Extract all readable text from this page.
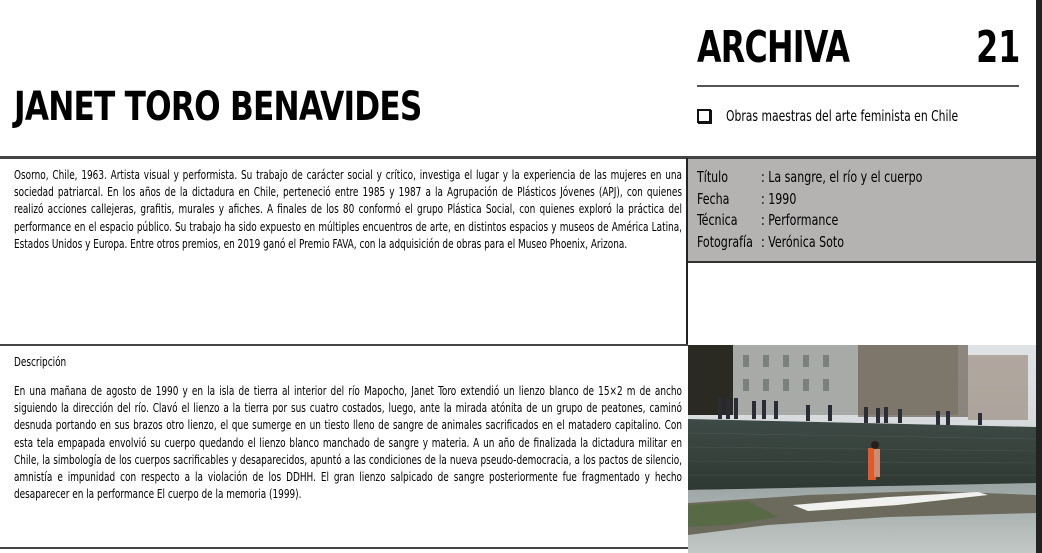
JANET TORO BENAVIDES
ARCHIVA	21
Obras maestras del arte feminista en Chile
Osorno, Chile, 1963. Artista visual y performista. Su trabajo de carácter social y crítico, investiga el lugar y la experiencia de las mujeres en una sociedad patriarcal. En los años de la dictadura en Chile, perteneció entre 1985 y 1987 a la Agrupación de Plásticos Jóvenes (APJ), con quienes realizó acciones callejeras, grafitis, murales y afiches. A finales de los 80 conformó el grupo Plástica Social, con quienes exploró la práctica del performance en el espacio público. Su trabajo ha sido expuesto en múltiples encuentros de arte, en distintos espacios y museos de América Latina, Estados Unidos y Europa. Entre otros premios, en 2019 ganó el Premio FAVA, con la adquisición de obras para el Museo Phoenix, Arizona.
Título	: La sangre, el río y el cuerpo
Fecha	: 1990
Técnica	: Performance
Fotografía : Verónica Soto
Descripción
En una mañana de agosto de 1990 y en la isla de tierra al interior del río Mapocho, Janet Toro extendió un lienzo blanco de 15×2 m de ancho siguiendo la dirección del río. Clavó el lienzo a la tierra por sus cuatro costados, luego, ante la mirada atónita de un grupo de peatones, caminó desnuda portando en sus brazos otro lienzo, el que sumerge en un tiesto lleno de sangre de animales sacrificados en el matadero capitalino. Con esta tela empapada envolvió su cuerpo quedando el lienzo blanco manchado de sangre y materia. A un año de finalizada la dictadura militar en Chile, la simbología de los cuerpos sacrificables y desaparecidos, apuntó a las condiciones de la nueva pseudo-democracia, a los pactos de silencio, amnistía e impunidad con respecto a la violación de los DDHH. El gran lienzo salpicado de sangre posteriormente fue fragmentado y hecho desaparecer en la performance El cuerpo de la memoria (1999).
